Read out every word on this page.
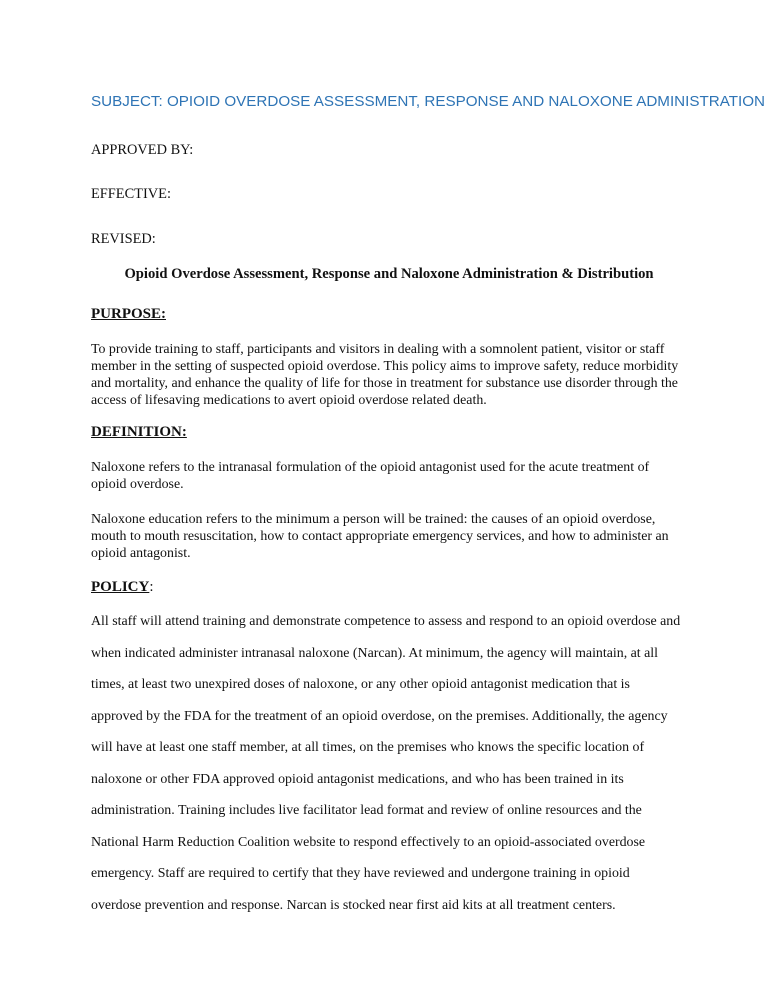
SUBJECT: OPIOID OVERDOSE ASSESSMENT, RESPONSE AND NALOXONE ADMINISTRATION
APPROVED BY:
EFFECTIVE:
REVISED:
Opioid Overdose Assessment, Response and Naloxone Administration & Distribution
PURPOSE:

To provide training to staff, participants and visitors in dealing with a somnolent patient, visitor or staff member in the setting of suspected opioid overdose. This policy aims to improve safety, reduce morbidity and mortality, and enhance the quality of life for those in treatment for substance use disorder through the access of lifesaving medications to avert opioid overdose related death.

DEFINITION:

Naloxone refers to the intranasal formulation of the opioid antagonist used for the acute treatment of opioid overdose.

Naloxone education refers to the minimum a person will be trained: the causes of an opioid overdose, mouth to mouth resuscitation, how to contact appropriate emergency services, and how to administer an opioid antagonist.

POLICY:

All staff will attend training and demonstrate competence to assess and respond to an opioid overdose and when indicated administer intranasal naloxone (Narcan). At minimum, the agency will maintain, at all times, at least two unexpired doses of naloxone, or any other opioid antagonist medication that is approved by the FDA for the treatment of an opioid overdose, on the premises. Additionally, the agency will have at least one staff member, at all times, on the premises who knows the specific location of naloxone or other FDA approved opioid antagonist medications, and who has been trained in its administration. Training includes live facilitator lead format and review of online resources and the National Harm Reduction Coalition website to respond effectively to an opioid-associated overdose emergency. Staff are required to certify that they have reviewed and undergone training in opioid overdose prevention and response. Narcan is stocked near first aid kits at all treatment centers.
